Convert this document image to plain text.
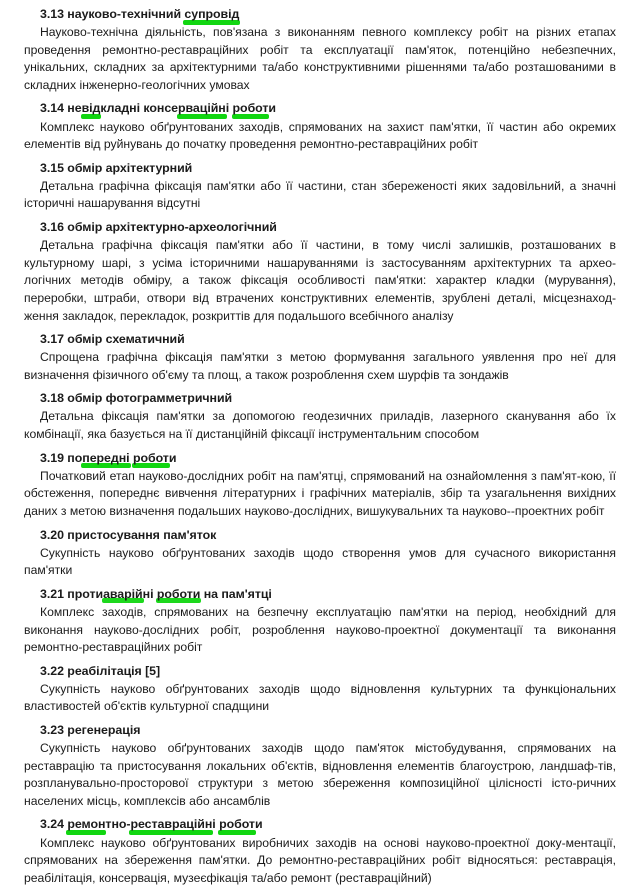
3.13 науково-технічний супровід

Науково-технічна діяльність, пов'язана з виконанням певного комплексу робіт на різних етапах проведення ремонтно-реставраційних робіт та експлуатації пам'яток, потенційно небезпечних, унікальних, складних за архітектурними та/або конструктивними рішеннями та/або розташованими в складних інженерно-геологічних умовах

3.14 невідкладні консерваційні роботи

Комплекс науково обґрунтованих заходів, спрямованих на захист пам'ятки, її частин або окремих елементів від руйнувань до початку проведення ремонтно-реставраційних робіт

3.15 обмір архітектурний

Детальна графічна фіксація пам'ятки або її частини, стан збереженості яких задовільний, а значні історичні нашарування відсутні

3.16 обмір архітектурно-археологічний

Детальна графічна фіксація пам'ятки або її частини, в тому числі залишків, розташованих в культурному шарі, з усіма історичними нашаруваннями із застосуванням архітектурних та архео-логічних методів обміру, а також фіксація особливості пам'ятки: характер кладки (мурування), переробки, штраби, отвори від втрачених конструктивних елементів, зрублені деталі, місцезнаход-ження закладок, перекладок, розкриттів для подальшого всебічного аналізу

3.17 обмір схематичний

Спрощена графічна фіксація пам'ятки з метою формування загального уявлення про неї для визначення фізичного об'єму та площ, а також розроблення схем шурфів та зондажів

3.18 обмір фотограмметричний

Детальна фіксація пам'ятки за допомогою геодезичних приладів, лазерного сканування або їх комбінації, яка базується на її дистанційній фіксації інструментальним способом

3.19 попереднi роботи

Початковий етап науково-дослідних робіт на пам'ятці, спрямований на ознайомлення з пам'ят-кою, її обстеження, попереднє вивчення літературних і графічних матеріалів, збір та узагальнення вихідних даних з метою визначення подальших науково-дослідних, вишукувальних та науково--проектних робіт

3.20 пристосування пам'яток

Сукупність науково обґрунтованих заходів щодо створення умов для сучасного використання пам'ятки

3.21 протиаварійні роботи на пам'ятці

Комплекс заходів, спрямованих на безпечну експлуатацію пам'ятки на період, необхідний для виконання науково-дослідних робіт, розроблення науково-проектної документації та виконання ремонтно-реставраційних робіт

3.22 реабілітація [5]

Сукупність науково обґрунтованих заходів щодо відновлення культурних та функціональних властивостей об'єктів культурної спадщини

3.23 регенерація

Сукупність науково обґрунтованих заходів щодо пам'яток містобудування, спрямованих на реставрацію та пристосування локальних об'єктів, відновлення елементів благоустрою, ландшаф-тів, розпланувально-просторової структури з метою збереження композиційної цілісності істо-ричних населених місць, комплексів або ансамблів

3.24 ремонтно-реставраційні роботи

Комплекс науково обґрунтованих виробничих заходів на основі науково-проектної доку-ментації, спрямованих на збереження пам'ятки. До ремонтно-реставраційних робіт відносяться: реставрація, реабілітація, консервація, музеєфікація та/або ремонт (реставраційний)
